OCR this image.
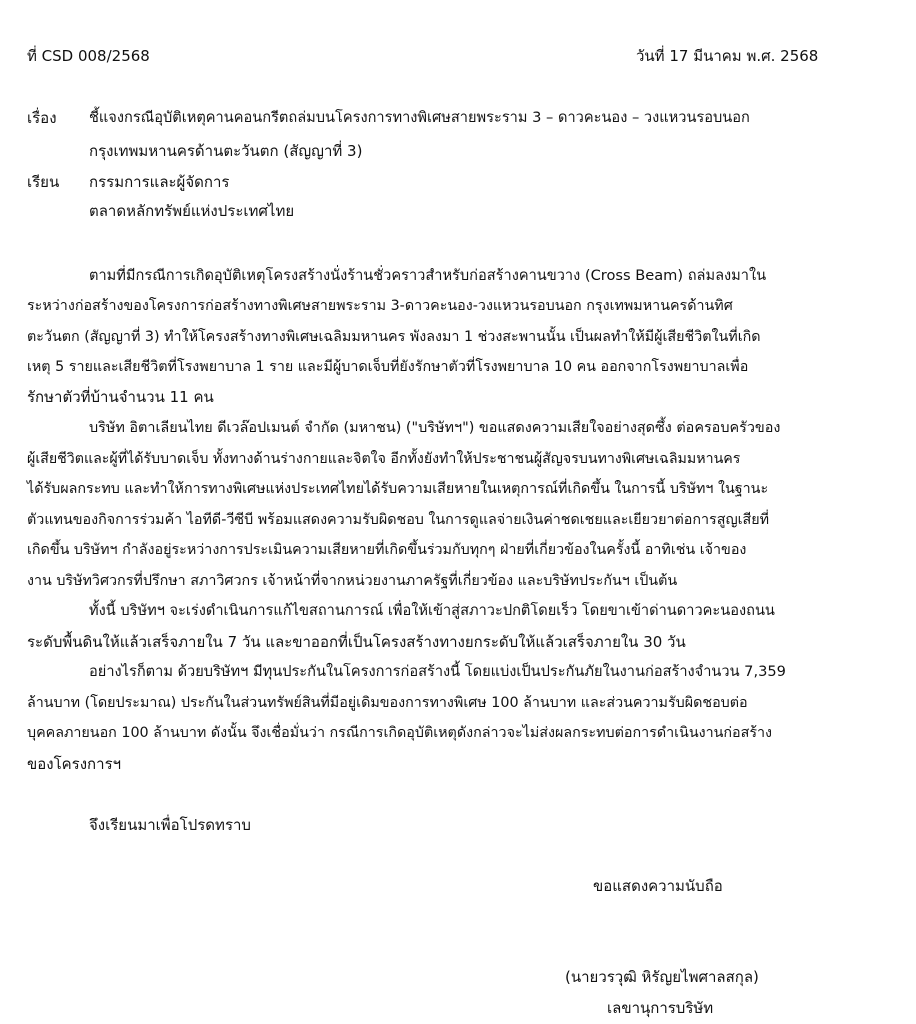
ที่ CSD 008/2568	วันที่ 17 มีนาคม พ.ศ. 2568
เรื่อง ชี้แจงกรณีอุบัติเหตุคานคอนกรีตถล่มบนโครงการทางพิเศษสายพระราม 3 – ดาวคะนอง – วงแหวนรอบนอก
กรุงเทพมหานครด้านตะวันตก (สัญญาที่ 3)
เรียน กรรมการและผู้จัดการ
ตลาดหลักทรัพย์แห่งประเทศไทย
ตามที่มีกรณีการเกิดอุบัติเหตุโครงสร้างนั่งร้านชั่วคราวสำหรับก่อสร้างคานขวาง (Cross Beam) ถล่มลงมาใน
ระหว่างก่อสร้างของโครงการก่อสร้างทางพิเศษสายพระราม 3-ดาวคะนอง-วงแหวนรอบนอก กรุงเทพมหานครด้านทิศ
ตะวันตก (สัญญาที่ 3) ทำให้โครงสร้างทางพิเศษเฉลิมมหานคร พังลงมา 1 ช่วงสะพานนั้น เป็นผลทำให้มีผู้เสียชีวิตในที่เกิด
เหตุ 5 รายและเสียชีวิตที่โรงพยาบาล 1 ราย และมีผู้บาดเจ็บที่ยังรักษาตัวที่โรงพยาบาล 10 คน ออกจากโรงพยาบาลเพื่อ
รักษาตัวที่บ้านจำนวน 11 คน
บริษัท อิตาเลียนไทย ดีเวล๊อปเมนต์ จำกัด (มหาชน) ("บริษัทฯ") ขอแสดงความเสียใจอย่างสุดซึ้ง ต่อครอบครัวของ
ผู้เสียชีวิตและผู้ที่ได้รับบาดเจ็บ ทั้งทางด้านร่างกายและจิตใจ อีกทั้งยังทำให้ประชาชนผู้สัญจรบนทางพิเศษเฉลิมมหานคร
ได้รับผลกระทบ และทำให้การทางพิเศษแห่งประเทศไทยได้รับความเสียหายในเหตุการณ์ที่เกิดขึ้น ในการนี้ บริษัทฯ ในฐานะ
ตัวแทนของกิจการร่วมค้า ไอทีดี-วีซีบี พร้อมแสดงความรับผิดชอบ ในการดูแลจ่ายเงินค่าชดเชยและเยียวยาต่อการสูญเสียที่
เกิดขึ้น บริษัทฯ กำลังอยู่ระหว่างการประเมินความเสียหายที่เกิดขึ้นร่วมกับทุกๆ ฝ่ายที่เกี่ยวข้องในครั้งนี้ อาทิเช่น เจ้าของ
งาน บริษัทวิศวกรที่ปรึกษา สภาวิศวกร เจ้าหน้าที่จากหน่วยงานภาครัฐที่เกี่ยวข้อง และบริษัทประกันฯ เป็นต้น
ทั้งนี้ บริษัทฯ จะเร่งดำเนินการแก้ไขสถานการณ์ เพื่อให้เข้าสู่สภาวะปกติโดยเร็ว โดยขาเข้าด่านดาวคะนองถนน
ระดับพื้นดินให้แล้วเสร็จภายใน 7 วัน และขาออกที่เป็นโครงสร้างทางยกระดับให้แล้วเสร็จภายใน 30 วัน
อย่างไรก็ตาม ด้วยบริษัทฯ มีทุนประกันในโครงการก่อสร้างนี้ โดยแบ่งเป็นประกันภัยในงานก่อสร้างจำนวน 7,359
ล้านบาท (โดยประมาณ) ประกันในส่วนทรัพย์สินที่มีอยู่เดิมของการทางพิเศษ 100 ล้านบาท และส่วนความรับผิดชอบต่อ
บุคคลภายนอก 100 ล้านบาท ดังนั้น จึงเชื่อมั่นว่า กรณีการเกิดอุบัติเหตุดังกล่าวจะไม่ส่งผลกระทบต่อการดำเนินงานก่อสร้าง
ของโครงการฯ
จึงเรียนมาเพื่อโปรดทราบ
ขอแสดงความนับถือ
(นายวรวุฒิ หิรัญยไพศาลสกุล)
เลขานุการบริษัท
